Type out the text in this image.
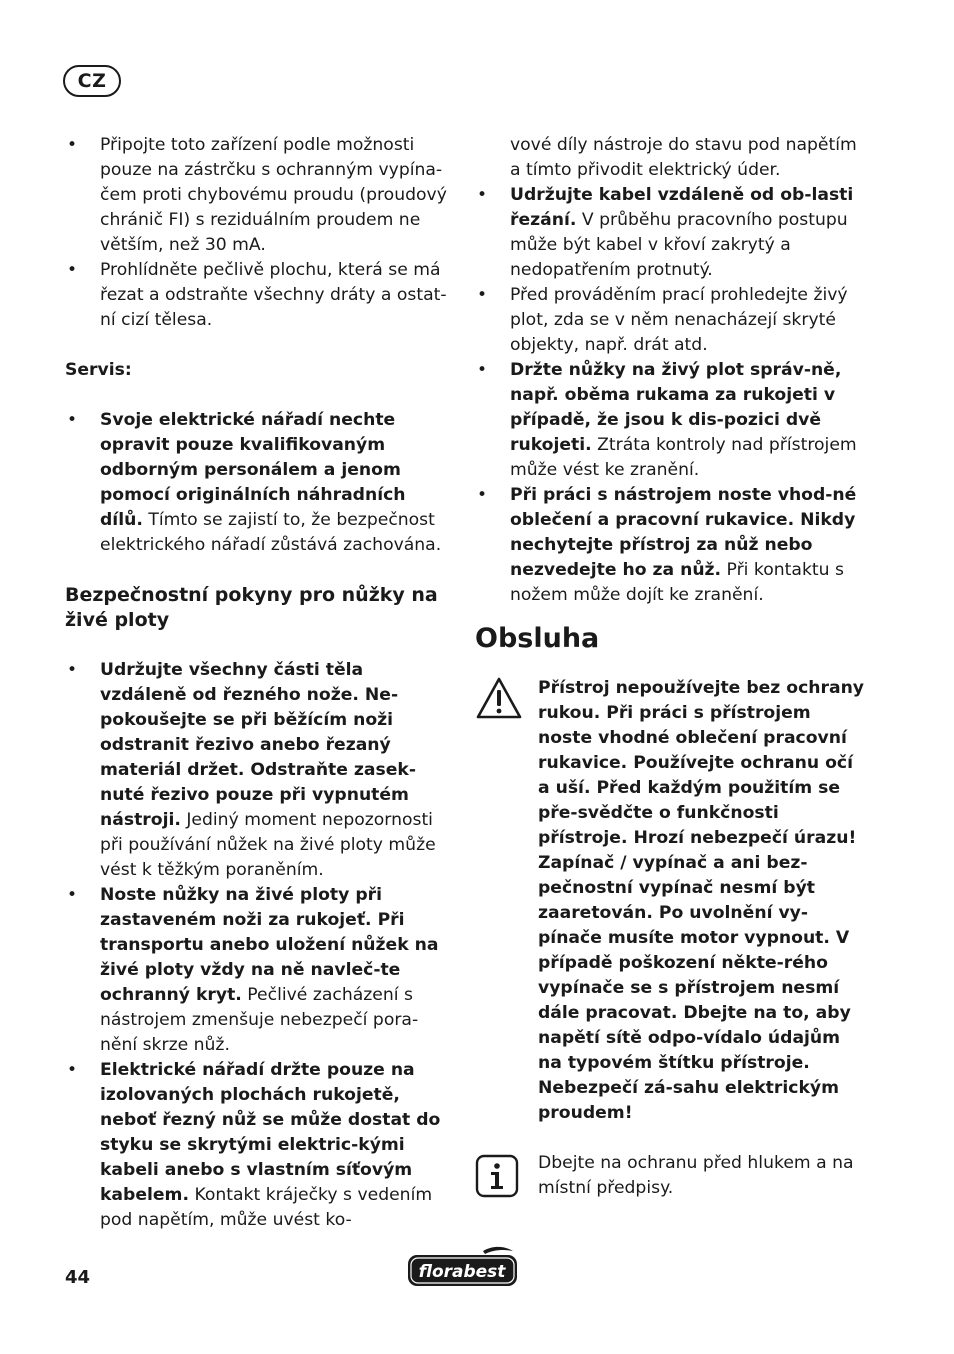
CZ
• Připojte toto zařízení podle možnosti pouze na zástrčku s ochranným vypína-čem proti chybovému proudu (proudový chránič FI) s reziduálním proudem ne větším, než 30 mA.
• Prohlídněte pečlivě plochu, která se má řezat a odstraňte všechny dráty a ostat-ní cizí tělesa.
Servis:
• Svoje elektrické nářadí nechte opravit pouze kvalifikovaným odborným personálem a jenom pomocí originálních náhradních dílů. Tímto se zajistí to, že bezpečnost elektrického nářadí zůstává zachována.
Bezpečnostní pokyny pro nůžky na živé ploty
• Udržujte všechny části těla vzdáleně od řezného nože. Ne-pokoušejte se při běžícím noži odstranit řezivo anebo řezaný materiál držet. Odstraňte zasek-nuté řezivo pouze při vypnutém nástroji. Jediný moment nepozornosti při používání nůžek na živé ploty může vést k těžkým poraněním.
• Noste nůžky na živé ploty při zastaveném noži za rukojeť. Při transportu anebo uložení nůžek na živé ploty vždy na ně navleč-te ochranný kryt. Pečlivé zacházení s nástrojem zmenšuje nebezpečí pora-nění skrze nůž.
• Elektrické nářadí držte pouze na izolovaných plochách rukojetě, neboť řezný nůž se může dostat do styku se skrytými elektric-kými kabeli anebo s vlastním síťovým kabelem. Kontakt kráječky s vedením pod napětím, může uvést ko-
vové díly nástroje do stavu pod napětím a tímto přivodit elektrický úder.
• Udržujte kabel vzdáleně od ob-lasti řezání. V průběhu pracovního postupu může být kabel v křoví zakrytý a nedopatřením protnutý.
• Před prováděním prací prohledejte živý plot, zda se v něm nenacházejí skryté objekty, např. drát atd.
• Držte nůžky na živý plot správ-ně, např. oběma rukama za rukojeti v případě, že jsou k dis-pozici dvě rukojeti. Ztráta kontroly nad přístrojem může vést ke zranění.
• Při práci s nástrojem noste vhod-né oblečení a pracovní rukavice. Nikdy nechytejte přístroj za nůž nebo nezvedejte ho za nůž. Při kontaktu s nožem může dojít ke zranění.
Obsluha
Přístroj nepoužívejte bez ochrany rukou. Při práci s přístrojem noste vhodné oblečení pracovní rukavice. Používejte ochranu očí a uší. Před každým použitím se pře-svědčte o funkčnosti přístroje. Hrozí nebezpečí úrazu! Zapínač / vypínač a ani bez-pečnostní vypínač nesmí být zaaretován. Po uvolnění vy-pínače musíte motor vypnout. V případě poškození někte-rého vypínače se s přístrojem nesmí dále pracovat. Dbejte na to, aby napětí sítě odpo-vídalo údajům na typovém štítku přístroje. Nebezpečí zá-sahu elektrickým proudem!
Dbejte na ochranu před hlukem a na místní předpisy.
44	florabest
